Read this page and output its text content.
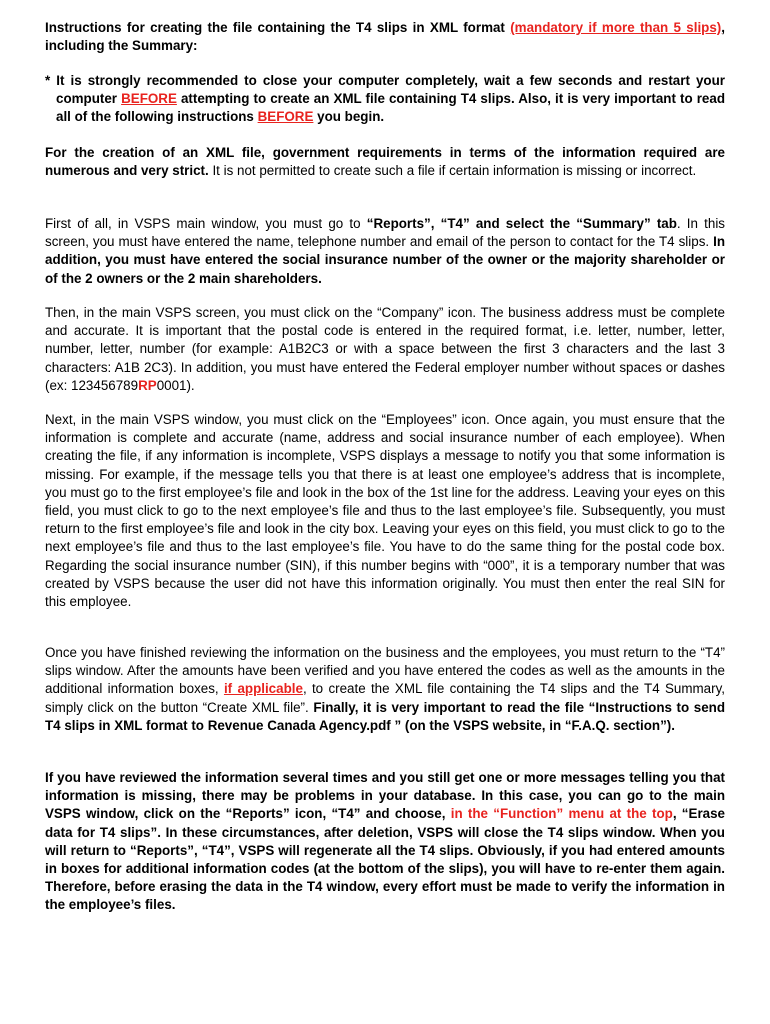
Instructions for creating the file containing the T4 slips in XML format (mandatory if more than 5 slips), including the Summary:

* It is strongly recommended to close your computer completely, wait a few seconds and restart your computer BEFORE attempting to create an XML file containing T4 slips. Also, it is very important to read all of the following instructions BEFORE you begin.

For the creation of an XML file, government requirements in terms of the information required are numerous and very strict. It is not permitted to create such a file if certain information is missing or incorrect.

First of all, in VSPS main window, you must go to “Reports”, “T4” and select the “Summary” tab. In this screen, you must have entered the name, telephone number and email of the person to contact for the T4 slips. In addition, you must have entered the social insurance number of the owner or the majority shareholder or of the 2 owners or the 2 main shareholders.

Then, in the main VSPS screen, you must click on the “Company” icon. The business address must be complete and accurate. It is important that the postal code is entered in the required format, i.e. letter, number, letter, number, letter, number (for example: A1B2C3 or with a space between the first 3 characters and the last 3 characters: A1B 2C3). In addition, you must have entered the Federal employer number without spaces or dashes (ex: 123456789RP0001).

Next, in the main VSPS window, you must click on the “Employees” icon. Once again, you must ensure that the information is complete and accurate (name, address and social insurance number of each employee). When creating the file, if any information is incomplete, VSPS displays a message to notify you that some information is missing. For example, if the message tells you that there is at least one employee’s address that is incomplete, you must go to the first employee’s file and look in the box of the 1st line for the address. Leaving your eyes on this field, you must click to go to the next employee’s file and thus to the last employee’s file. Subsequently, you must return to the first employee’s file and look in the city box. Leaving your eyes on this field, you must click to go to the next employee’s file and thus to the last employee’s file. You have to do the same thing for the postal code box. Regarding the social insurance number (SIN), if this number begins with “000”, it is a temporary number that was created by VSPS because the user did not have this information originally. You must then enter the real SIN for this employee.

Once you have finished reviewing the information on the business and the employees, you must return to the “T4” slips window. After the amounts have been verified and you have entered the codes as well as the amounts in the additional information boxes, if applicable, to create the XML file containing the T4 slips and the T4 Summary, simply click on the button “Create XML file”. Finally, it is very important to read the file “Instructions to send T4 slips in XML format to Revenue Canada Agency.pdf ” (on the VSPS website, in “F.A.Q. section”).

If you have reviewed the information several times and you still get one or more messages telling you that information is missing, there may be problems in your database. In this case, you can go to the main VSPS window, click on the “Reports” icon, “T4” and choose, in the “Function” menu at the top, “Erase data for T4 slips”. In these circumstances, after deletion, VSPS will close the T4 slips window. When you will return to “Reports”, “T4”, VSPS will regenerate all the T4 slips. Obviously, if you had entered amounts in boxes for additional information codes (at the bottom of the slips), you will have to re-enter them again. Therefore, before erasing the data in the T4 window, every effort must be made to verify the information in the employee’s files.
